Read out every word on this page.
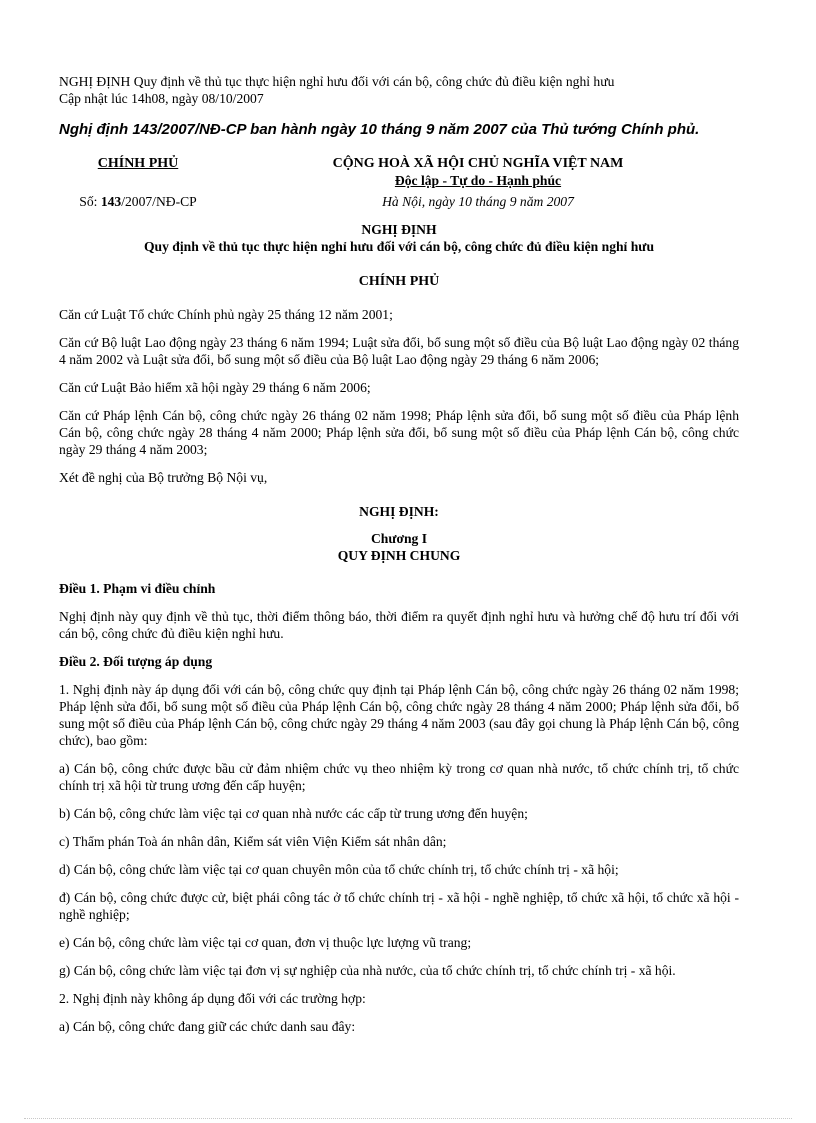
NGHỊ ĐỊNH Quy định về thủ tục thực hiện nghỉ hưu đối với cán bộ, công chức đủ điều kiện nghỉ hưu

Cập nhật lúc 14h08, ngày 08/10/2007

Nghị định 143/2007/NĐ-CP ban hành ngày 10 tháng 9 năm 2007 của Thủ tướng Chính phủ.

CHÍNH PHỦ	CỘNG HOÀ XÃ HỘI CHỦ NGHĨA VIỆT NAM
Độc lập - Tự do - Hạnh phúc
Số: 143/2007/NĐ-CP	Hà Nội, ngày 10 tháng 9 năm 2007
NGHỊ ĐỊNH
Quy định về thủ tục thực hiện nghỉ hưu đối với cán bộ, công chức đủ điều kiện nghỉ hưu
CHÍNH PHỦ

Căn cứ Luật Tổ chức Chính phủ ngày 25 tháng 12 năm 2001;

Căn cứ Bộ luật Lao động ngày 23 tháng 6 năm 1994; Luật sửa đổi, bổ sung một số điều của Bộ luật Lao động ngày 02 tháng 4 năm 2002 và Luật sửa đổi, bổ sung một số điều của Bộ luật Lao động ngày 29 tháng 6 năm 2006;

Căn cứ Luật Bảo hiểm xã hội ngày 29 tháng 6 năm 2006;

Căn cứ Pháp lệnh Cán bộ, công chức ngày 26 tháng 02 năm 1998; Pháp lệnh sửa đổi, bổ sung một số điều của Pháp lệnh Cán bộ, công chức ngày 28 tháng 4 năm 2000; Pháp lệnh sửa đổi, bổ sung một số điều của Pháp lệnh Cán bộ, công chức ngày 29 tháng 4 năm 2003;

Xét đề nghị của Bộ trưởng Bộ Nội vụ,

NGHỊ ĐỊNH:
Chương I
QUY ĐỊNH CHUNG

Điều 1. Phạm vi điều chỉnh

Nghị định này quy định về thủ tục, thời điểm thông báo, thời điểm ra quyết định nghỉ hưu và hưởng chế độ hưu trí đối với cán bộ, công chức đủ điều kiện nghỉ hưu.

Điều 2. Đối tượng áp dụng

1. Nghị định này áp dụng đối với cán bộ, công chức quy định tại Pháp lệnh Cán bộ, công chức ngày 26 tháng 02 năm 1998; Pháp lệnh sửa đổi, bổ sung một số điều của Pháp lệnh Cán bộ, công chức ngày 28 tháng 4 năm 2000; Pháp lệnh sửa đổi, bổ sung một số điều của Pháp lệnh Cán bộ, công chức ngày 29 tháng 4 năm 2003 (sau đây gọi chung là Pháp lệnh Cán bộ, công chức), bao gồm:

a) Cán bộ, công chức được bầu cử đảm nhiệm chức vụ theo nhiệm kỳ trong cơ quan nhà nước, tổ chức chính trị, tổ chức chính trị xã hội từ trung ương đến cấp huyện;

b) Cán bộ, công chức làm việc tại cơ quan nhà nước các cấp từ trung ương đến huyện;

c) Thẩm phán Toà án nhân dân, Kiểm sát viên Viện Kiểm sát nhân dân;

d) Cán bộ, công chức làm việc tại cơ quan chuyên môn của tổ chức chính trị, tổ chức chính trị - xã hội;

đ) Cán bộ, công chức được cử, biệt phái công tác ở tổ chức chính trị - xã hội - nghề nghiệp, tổ chức xã hội, tổ chức xã hội - nghề nghiệp;

e) Cán bộ, công chức làm việc tại cơ quan, đơn vị thuộc lực lượng vũ trang;

g) Cán bộ, công chức làm việc tại đơn vị sự nghiệp của nhà nước, của tổ chức chính trị, tổ chức chính trị - xã hội.

2. Nghị định này không áp dụng đối với các trường hợp:

a) Cán bộ, công chức đang giữ các chức danh sau đây:
